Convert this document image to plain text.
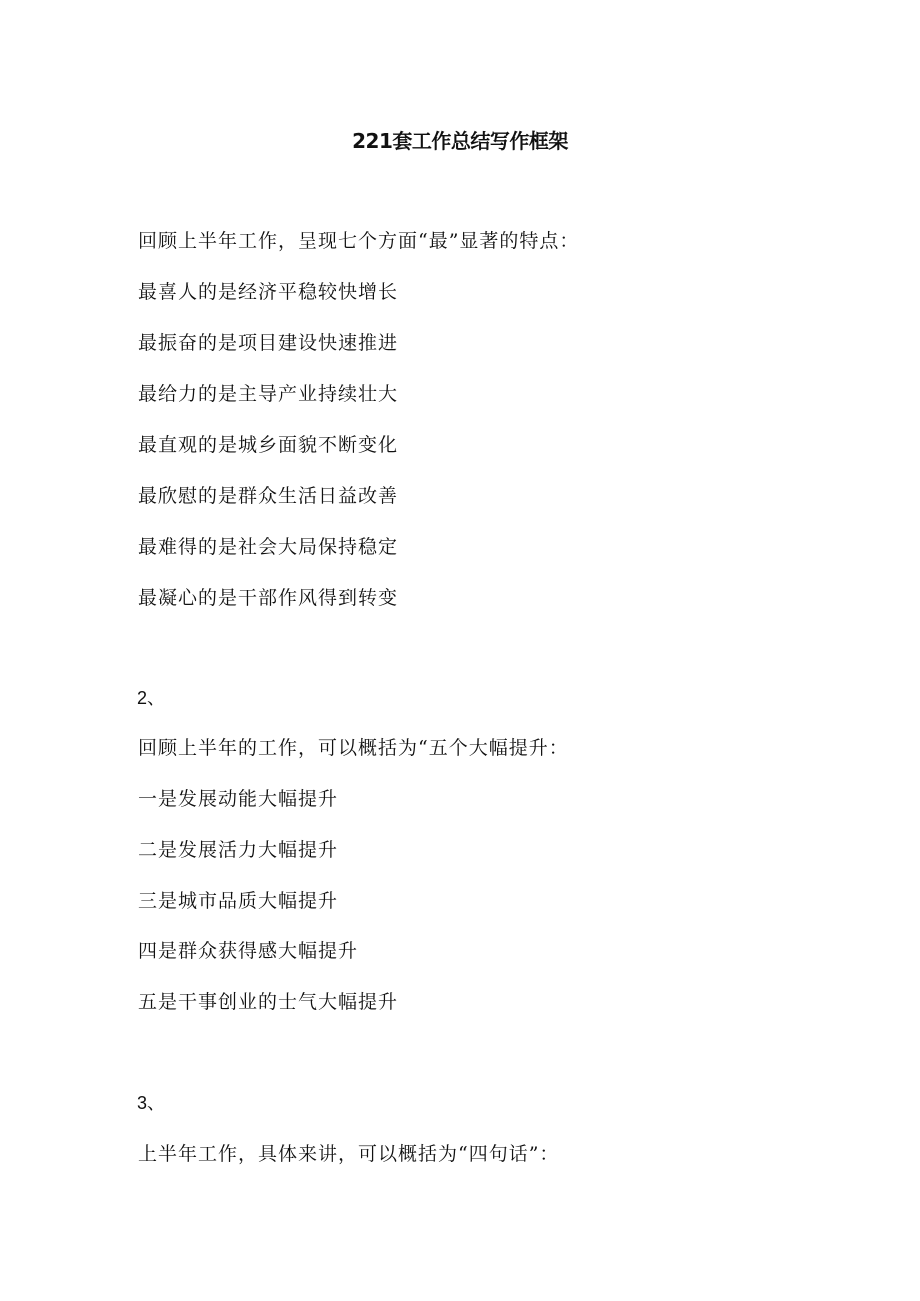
221套工作总结写作框架
回顾上半年工作，呈现七个方面“最”显著的特点：
最喜人的是经济平稳较快增长
最振奋的是项目建设快速推进
最给力的是主导产业持续壮大
最直观的是城乡面貌不断变化
最欣慰的是群众生活日益改善
最难得的是社会大局保持稳定
最凝心的是干部作风得到转变
2、
回顾上半年的工作，可以概括为“五个大幅提升：
一是发展动能大幅提升
二是发展活力大幅提升
三是城市品质大幅提升
四是群众获得感大幅提升
五是干事创业的士气大幅提升
3、
上半年工作，具体来讲，可以概括为“四句话”：
